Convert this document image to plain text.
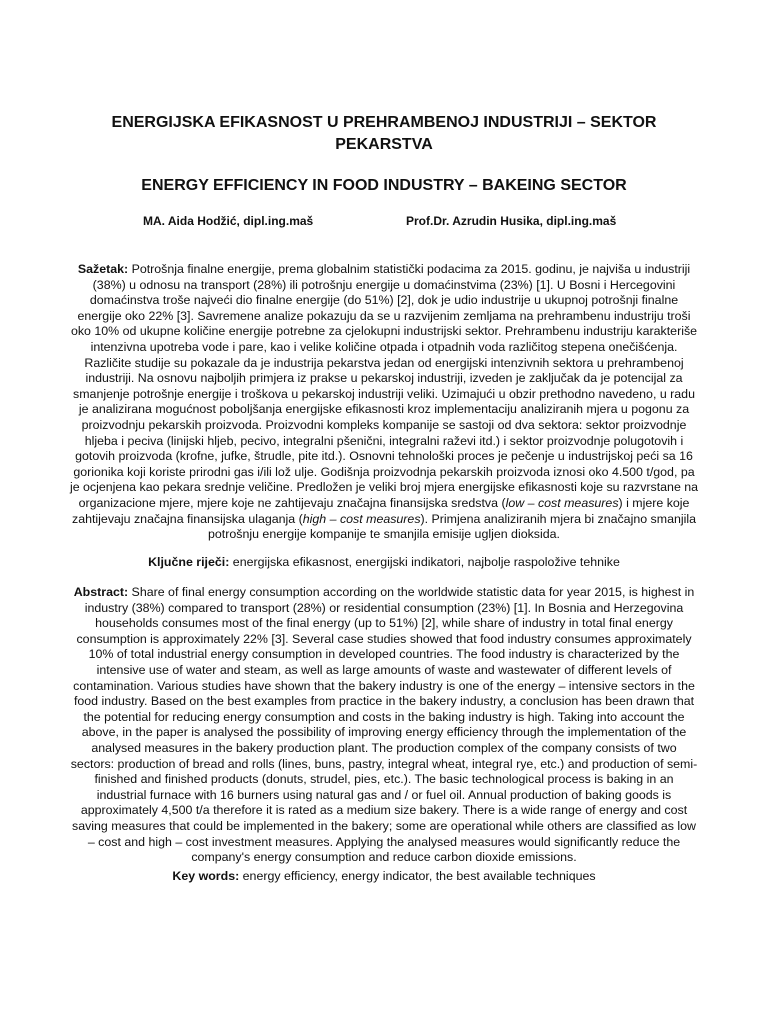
ENERGIJSKA EFIKASNOST U PREHRAMBENOJ INDUSTRIJI – SEKTOR PEKARSTVA
ENERGY EFFICIENCY IN FOOD INDUSTRY – BAKEING SECTOR

MA. Aida Hodžić, dipl.ing.maš	Prof.Dr. Azrudin Husika, dipl.ing.maš

Sažetak: Potrošnja finalne energije, prema globalnim statistički podacima za 2015. godinu, je najviša u industriji (38%) u odnosu na transport (28%) ili potrošnju energije u domaćinstvima (23%) [1]. U Bosni i Hercegovini domaćinstva troše najveći dio finalne energije (do 51%) [2], dok je udio industrije u ukupnoj potrošnji finalne energije oko 22% [3]. Savremene analize pokazuju da se u razvijenim zemljama na prehrambenu industriju troši oko 10% od ukupne količine energije potrebne za cjelokupni industrijski sektor. Prehrambenu industriju karakteriše intenzivna upotreba vode i pare, kao i velike količine otpada i otpadnih voda različitog stepena onečišćenja. Različite studije su pokazale da je industrija pekarstva jedan od energijski intenzivnih sektora u prehrambenoj industriji. Na osnovu najboljih primjera iz prakse u pekarskoj industriji, izveden je zaključak da je potencijal za smanjenje potrošnje energije i troškova u pekarskoj industriji veliki. Uzimajući u obzir prethodno navedeno, u radu je analizirana mogućnost poboljšanja energijske efikasnosti kroz implementaciju analiziranih mjera u pogonu za proizvodnju pekarskih proizvoda. Proizvodni kompleks kompanije se sastoji od dva sektora: sektor proizvodnje hljeba i peciva (linijski hljeb, pecivo, integralni pšenični, integralni raževi itd.) i sektor proizvodnje polugotovih i gotovih proizvoda (krofne, jufke, štrudle, pite itd.). Osnovni tehnološki proces je pečenje u industrijskoj peći sa 16 gorionika koji koriste prirodni gas i/ili lož ulje. Godišnja proizvodnja pekarskih proizvoda iznosi oko 4.500 t/god, pa je ocjenjena kao pekara srednje veličine. Predložen je veliki broj mjera energijske efikasnosti koje su razvrstane na organizacione mjere, mjere koje ne zahtijevaju značajna finansijska sredstva (low – cost measures) i mjere koje zahtijevaju značajna finansijska ulaganja (high – cost measures). Primjena analiziranih mjera bi značajno smanjila potrošnju energije kompanije te smanjila emisije ugljen dioksida.

Ključne riječi: energijska efikasnost, energijski indikatori, najbolje raspoložive tehnike

Abstract: Share of final energy consumption according on the worldwide statistic data for year 2015, is highest in industry (38%) compared to transport (28%) or residential consumption (23%) [1]. In Bosnia and Herzegovina households consumes most of the final energy (up to 51%) [2], while share of industry in total final energy consumption is approximately 22% [3]. Several case studies showed that food industry consumes approximately 10% of total industrial energy consumption in developed countries. The food industry is characterized by the intensive use of water and steam, as well as large amounts of waste and wastewater of different levels of contamination. Various studies have shown that the bakery industry is one of the energy – intensive sectors in the food industry. Based on the best examples from practice in the bakery industry, a conclusion has been drawn that the potential for reducing energy consumption and costs in the baking industry is high. Taking into account the above, in the paper is analysed the possibility of improving energy efficiency through the implementation of the analysed measures in the bakery production plant. The production complex of the company consists of two sectors: production of bread and rolls (lines, buns, pastry, integral wheat, integral rye, etc.) and production of semi-finished and finished products (donuts, strudel, pies, etc.). The basic technological process is baking in an industrial furnace with 16 burners using natural gas and / or fuel oil. Annual production of baking goods is approximately 4,500 t/a therefore it is rated as a medium size bakery. There is a wide range of energy and cost saving measures that could be implemented in the bakery; some are operational while others are classified as low – cost and high – cost investment measures. Applying the analysed measures would significantly reduce the company's energy consumption and reduce carbon dioxide emissions.

Key words: energy efficiency, energy indicator, the best available techniques
